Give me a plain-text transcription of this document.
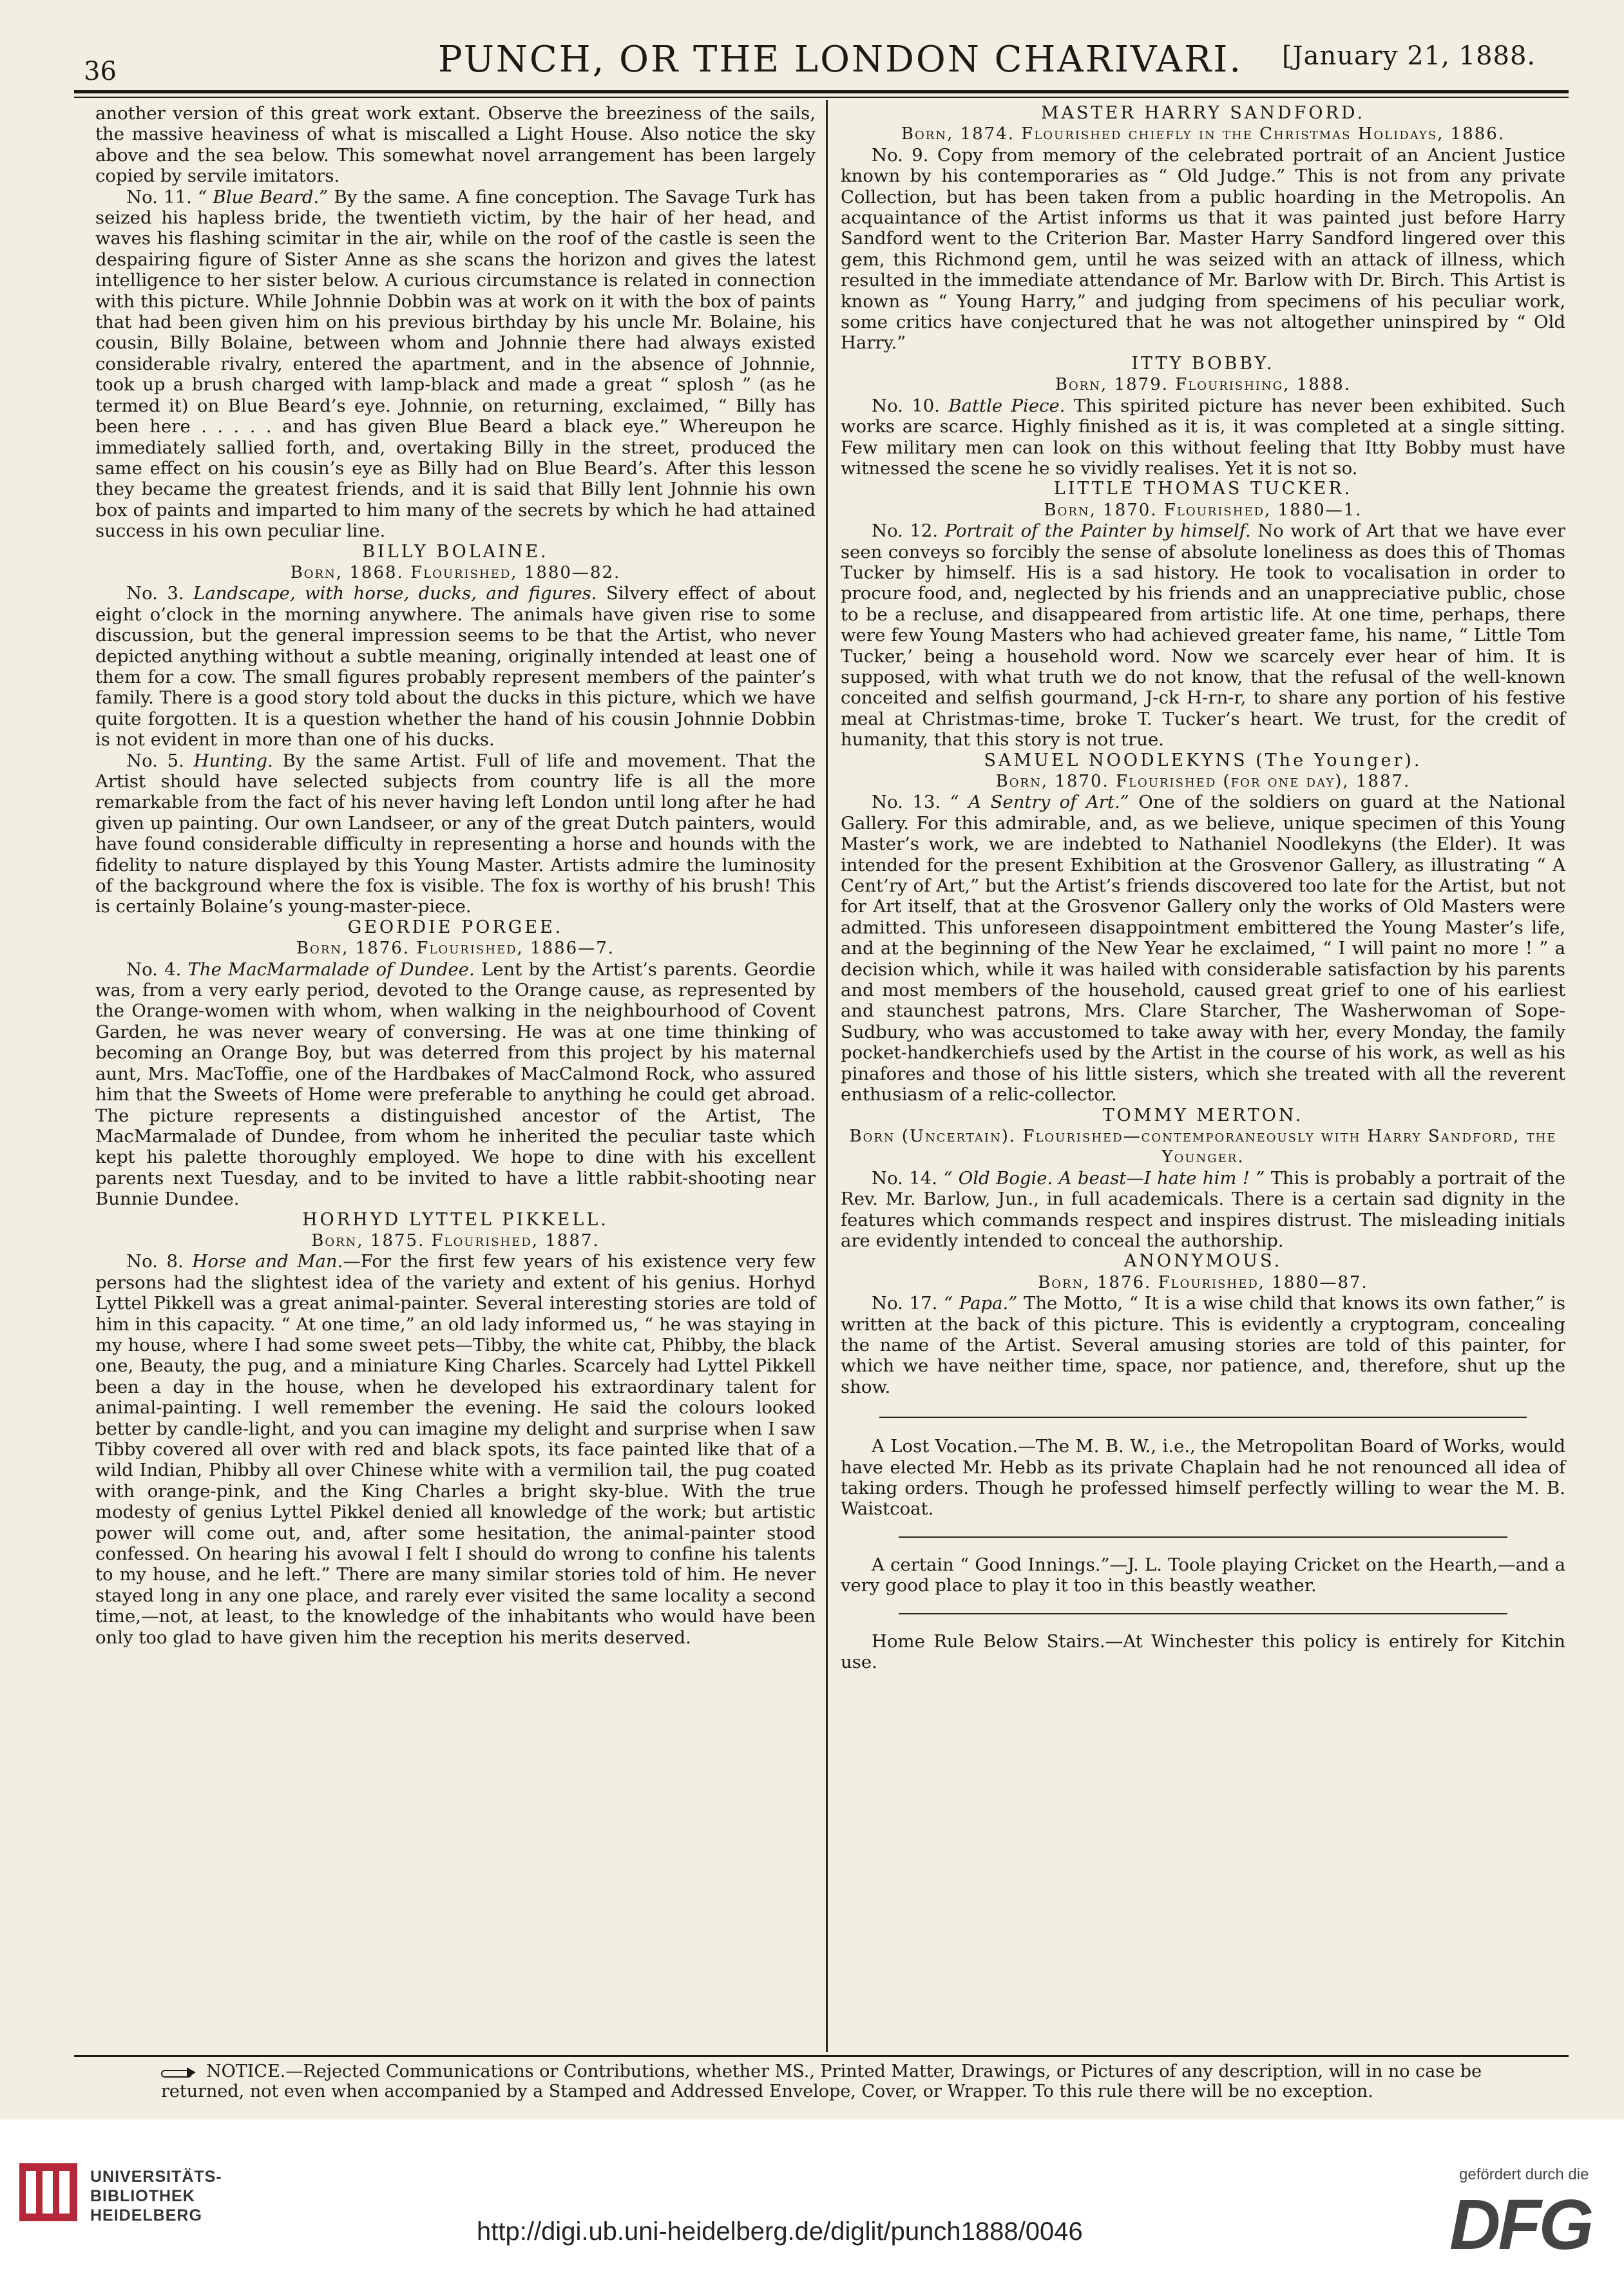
36	PUNCH, OR THE LONDON CHARIVARI. [January 21, 1888.

another version of this great work extant. Observe the breeziness of the sails, the massive heaviness of what is miscalled a Light House. Also notice the sky above and the sea below. This somewhat novel arrangement has been largely copied by servile imitators.

No. 11. “ Blue Beard.” By the same. A fine conception. The Savage Turk has seized his hapless bride, the twentieth victim, by the hair of her head, and waves his flashing scimitar in the air, while on the roof of the castle is seen the despairing figure of Sister Anne as she scans the horizon and gives the latest intelligence to her sister below. A curious circumstance is related in connection with this picture. While Johnnie Dobbin was at work on it with the box of paints that had been given him on his previous birthday by his uncle Mr. Bolaine, his cousin, Billy Bolaine, between whom and Johnnie there had always existed considerable rivalry, entered the apartment, and in the absence of Johnnie, took up a brush charged with lamp-black and made a great “ splosh ” (as he termed it) on Blue Beard’s eye. Johnnie, on returning, exclaimed, “ Billy has been here . . . . . and has given Blue Beard a black eye.” Whereupon he immediately sallied forth, and, overtaking Billy in the street, produced the same effect on his cousin’s eye as Billy had on Blue Beard’s. After this lesson they became the greatest friends, and it is said that Billy lent Johnnie his own box of paints and imparted to him many of the secrets by which he had attained success in his own peculiar line.

BILLY BOLAINE.

Born, 1868. Flourished, 1880—82.

No. 3. Landscape, with horse, ducks, and figures. Silvery effect of about eight o’clock in the morning anywhere. The animals have given rise to some discussion, but the general impression seems to be that the Artist, who never depicted anything without a subtle meaning, originally intended at least one of them for a cow. The small figures probably represent members of the painter’s family. There is a good story told about the ducks in this picture, which we have quite forgotten. It is a question whether the hand of his cousin Johnnie Dobbin is not evident in more than one of his ducks.

No. 5. Hunting. By the same Artist. Full of life and movement. That the Artist should have selected subjects from country life is all the more remarkable from the fact of his never having left London until long after he had given up painting. Our own Landseer, or any of the great Dutch painters, would have found considerable difficulty in representing a horse and hounds with the fidelity to nature displayed by this Young Master. Artists admire the luminosity of the background where the fox is visible. The fox is worthy of his brush! This is certainly Bolaine’s young-master-piece.

GEORDIE PORGEE.

Born, 1876. Flourished, 1886—7.

No. 4. The MacMarmalade of Dundee. Lent by the Artist’s parents. Geordie was, from a very early period, devoted to the Orange cause, as represented by the Orange-women with whom, when walking in the neighbourhood of Covent Garden, he was never weary of conversing. He was at one time thinking of becoming an Orange Boy, but was deterred from this project by his maternal aunt, Mrs. MacToffie, one of the Hardbakes of MacCalmond Rock, who assured him that the Sweets of Home were preferable to anything he could get abroad. The picture represents a distinguished ancestor of the Artist, The MacMarmalade of Dundee, from whom he inherited the peculiar taste which kept his palette thoroughly employed. We hope to dine with his excellent parents next Tuesday, and to be invited to have a little rabbit-shooting near Bunnie Dundee.

HORHYD LYTTEL PIKKELL.

Born, 1875. Flourished, 1887.

No. 8. Horse and Man.—For the first few years of his existence very few persons had the slightest idea of the variety and extent of his genius. Horhyd Lyttel Pikkell was a great animal-painter. Several interesting stories are told of him in this capacity. “ At one time,” an old lady informed us, “ he was staying in my house, where I had some sweet pets—Tibby, the white cat, Phibby, the black one, Beauty, the pug, and a miniature King Charles. Scarcely had Lyttel Pikkell been a day in the house, when he developed his extraordinary talent for animal-painting. I well remember the evening. He said the colours looked better by candle-light, and you can imagine my delight and surprise when I saw Tibby covered all over with red and black spots, its face painted like that of a wild Indian, Phibby all over Chinese white with a vermilion tail, the pug coated with orange-pink, and the King Charles a bright sky-blue. With the true modesty of genius Lyttel Pikkel denied all knowledge of the work; but artistic power will come out, and, after some hesitation, the animal-painter stood confessed. On hearing his avowal I felt I should do wrong to confine his talents to my house, and he left.” There are many similar stories told of him. He never stayed long in any one place, and rarely ever visited the same locality a second time,—not, at least, to the knowledge of the inhabitants who would have been only too glad to have given him the reception his merits deserved.

MASTER HARRY SANDFORD.

Born, 1874. Flourished chiefly in the Christmas Holidays, 1886.

No. 9. Copy from memory of the celebrated portrait of an Ancient Justice known by his contemporaries as “ Old Judge.” This is not from any private Collection, but has been taken from a public hoarding in the Metropolis. An acquaintance of the Artist informs us that it was painted just before Harry Sandford went to the Criterion Bar. Master Harry Sandford lingered over this gem, this Richmond gem, until he was seized with an attack of illness, which resulted in the immediate attendance of Mr. Barlow with Dr. Birch. This Artist is known as “ Young Harry,” and judging from specimens of his peculiar work, some critics have conjectured that he was not altogether uninspired by “ Old Harry.”

ITTY BOBBY.

Born, 1879. Flourishing, 1888.

No. 10. Battle Piece. This spirited picture has never been exhibited. Such works are scarce. Highly finished as it is, it was completed at a single sitting. Few military men can look on this without feeling that Itty Bobby must have witnessed the scene he so vividly realises. Yet it is not so.

LITTLE THOMAS TUCKER.

Born, 1870. Flourished, 1880—1.

No. 12. Portrait of the Painter by himself. No work of Art that we have ever seen conveys so forcibly the sense of absolute loneliness as does this of Thomas Tucker by himself. His is a sad history. He took to vocalisation in order to procure food, and, neglected by his friends and an unappreciative public, chose to be a recluse, and disappeared from artistic life. At one time, perhaps, there were few Young Masters who had achieved greater fame, his name, “ Little Tom Tucker,’ being a household word. Now we scarcely ever hear of him. It is supposed, with what truth we do not know, that the refusal of the well-known conceited and selfish gourmand, J-ck H-rn-r, to share any portion of his festive meal at Christmas-time, broke T. Tucker’s heart. We trust, for the credit of humanity, that this story is not true.

SAMUEL NOODLEKYNS (The Younger).

Born, 1870. Flourished (for one day), 1887.

No. 13. “ A Sentry of Art.” One of the soldiers on guard at the National Gallery. For this admirable, and, as we believe, unique specimen of this Young Master’s work, we are indebted to Nathaniel Noodlekyns (the Elder). It was intended for the present Exhibition at the Grosvenor Gallery, as illustrating “ A Cent’ry of Art,” but the Artist’s friends discovered too late for the Artist, but not for Art itself, that at the Grosvenor Gallery only the works of Old Masters were admitted. This unforeseen disappointment embittered the Young Master’s life, and at the beginning of the New Year he exclaimed, “ I will paint no more ! ” a decision which, while it was hailed with considerable satisfaction by his parents and most members of the household, caused great grief to one of his earliest and staunchest patrons, Mrs. Clare Starcher, The Washerwoman of Sope-Sudbury, who was accustomed to take away with her, every Monday, the family pocket-handkerchiefs used by the Artist in the course of his work, as well as his pinafores and those of his little sisters, which she treated with all the reverent enthusiasm of a relic-collector.

TOMMY MERTON.

Born (Uncertain). Flourished—contemporaneously with Harry Sandford, the Younger.

No. 14. “ Old Bogie. A beast—I hate him ! ” This is probably a portrait of the Rev. Mr. Barlow, Jun., in full academicals. There is a certain sad dignity in the features which commands respect and inspires distrust. The misleading initials are evidently intended to conceal the authorship.

ANONYMOUS.

Born, 1876. Flourished, 1880—87.

No. 17. “ Papa.” The Motto, “ It is a wise child that knows its own father,” is written at the back of this picture. This is evidently a cryptogram, concealing the name of the Artist. Several amusing stories are told of this painter, for which we have neither time, space, nor patience, and, therefore, shut up the show.

A Lost Vocation.—The M. B. W., i.e., the Metropolitan Board of Works, would have elected Mr. Hebb as its private Chaplain had he not renounced all idea of taking orders. Though he professed himself perfectly willing to wear the M. B. Waistcoat.

A certain “ Good Innings.”—J. L. Toole playing Cricket on the Hearth,—and a very good place to play it too in this beastly weather.

Home Rule Below Stairs.—At Winchester this policy is entirely for Kitchin use.

NOTICE.—Rejected Communications or Contributions, whether MS., Printed Matter, Drawings, or Pictures of any description, will in no case be returned, not even when accompanied by a Stamped and Addressed Envelope, Cover, or Wrapper. To this rule there will be no exception.
UNIVERSITÄTS-
BIBLIOTHEK
HEIDELBERG
http://digi.ub.uni-heidelberg.de/diglit/punch1888/0046
gefördert durch die
DFG
